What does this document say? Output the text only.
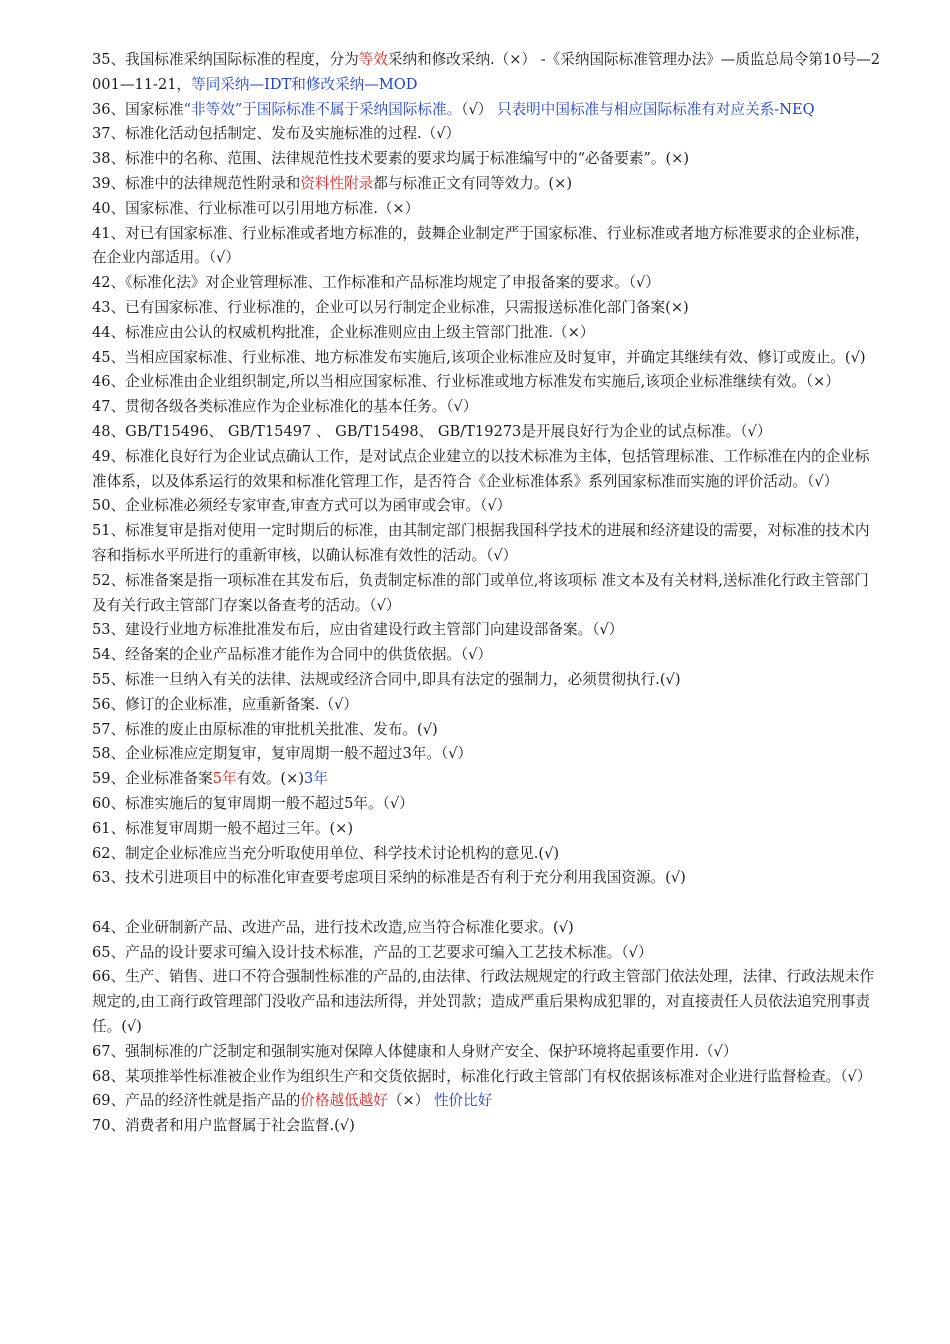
35、我国标准采纳国际标准的程度，分为等效采纳和修改采纳.（×） -《采纳国际标准管理办法》—质监总局令第10号—2001—11-21，等同采纳—IDT和修改采纳—MOD

36、国家标准“非等效”于国际标准不属于采纳国际标准。（√） 只表明中国标准与相应国际标准有对应关系-NEQ

37、标准化活动包括制定、发布及实施标准的过程.（√）

38、标准中的名称、范围、法律规范性技术要素的要求均属于标准编写中的“必备要素”。(×)

39、标准中的法律规范性附录和资料性附录都与标准正文有同等效力。(×)

40、国家标准、行业标准可以引用地方标准.（×）

41、对已有国家标准、行业标准或者地方标准的，鼓舞企业制定严于国家标准、行业标准或者地方标准要求的企业标准，在企业内部适用。（√）

42、《标准化法》对企业管理标准、工作标准和产品标准均规定了申报备案的要求。（√）

43、已有国家标准、行业标准的，企业可以另行制定企业标准，只需报送标准化部门备案(×)

44、标准应由公认的权威机构批准，企业标准则应由上级主管部门批准.（×）

45、当相应国家标准、行业标准、地方标准发布实施后,该项企业标准应及时复审，并确定其继续有效、修订或废止。(√)

46、企业标准由企业组织制定,所以当相应国家标准、行业标准或地方标准发布实施后,该项企业标准继续有效。（×）

47、贯彻各级各类标准应作为企业标准化的基本任务。（√）

48、GB/T15496、 GB/T15497 、 GB/T15498、 GB/T19273是开展良好行为企业的试点标准。（√）

49、标准化良好行为企业试点确认工作，是对试点企业建立的以技术标准为主体，包括管理标准、工作标准在内的企业标准体系，以及体系运行的效果和标准化管理工作，是否符合《企业标准体系》系列国家标准而实施的评价活动。（√）

50、企业标准必须经专家审查,审查方式可以为函审或会审。（√）

51、标准复审是指对使用一定时期后的标准，由其制定部门根据我国科学技术的进展和经济建设的需要，对标准的技术内容和指标水平所进行的重新审核，以确认标准有效性的活动。（√）

52、标准备案是指一项标准在其发布后，负责制定标准的部门或单位,将该项标 准文本及有关材料,送标准化行政主管部门及有关行政主管部门存案以备查考的活动。（√）

53、建设行业地方标准批准发布后，应由省建设行政主管部门向建设部备案。（√）

54、经备案的企业产品标准才能作为合同中的供货依据。（√）

55、标准一旦纳入有关的法律、法规或经济合同中,即具有法定的强制力，必须贯彻执行.(√)

56、修订的企业标准，应重新备案.（√）

57、标准的废止由原标准的审批机关批准、发布。(√)

58、企业标准应定期复审，复审周期一般不超过3年。（√）

59、企业标准备案5年有效。(×)3年

60、标准实施后的复审周期一般不超过5年。（√）

61、标准复审周期一般不超过三年。(×)

62、制定企业标准应当充分听取使用单位、科学技术讨论机构的意见.(√)

63、技术引进项目中的标准化审查要考虑项目采纳的标准是否有利于充分利用我国资源。(√)

64、企业研制新产品、改进产品，进行技术改造,应当符合标准化要求。(√)

65、产品的设计要求可编入设计技术标准，产品的工艺要求可编入工艺技术标准。（√）

66、生产、销售、进口不符合强制性标准的产品的,由法律、行政法规规定的行政主管部门依法处理，法律、行政法规未作规定的,由工商行政管理部门没收产品和违法所得，并处罚款；造成严重后果构成犯罪的，对直接责任人员依法追究刑事责任。(√)

67、强制标准的广泛制定和强制实施对保障人体健康和人身财产安全、保护环境将起重要作用.（√）

68、某项推举性标准被企业作为组织生产和交货依据时，标准化行政主管部门有权依据该标准对企业进行监督检查。（√）

69、产品的经济性就是指产品的价格越低越好（×） 性价比好

70、消费者和用户监督属于社会监督.(√)
